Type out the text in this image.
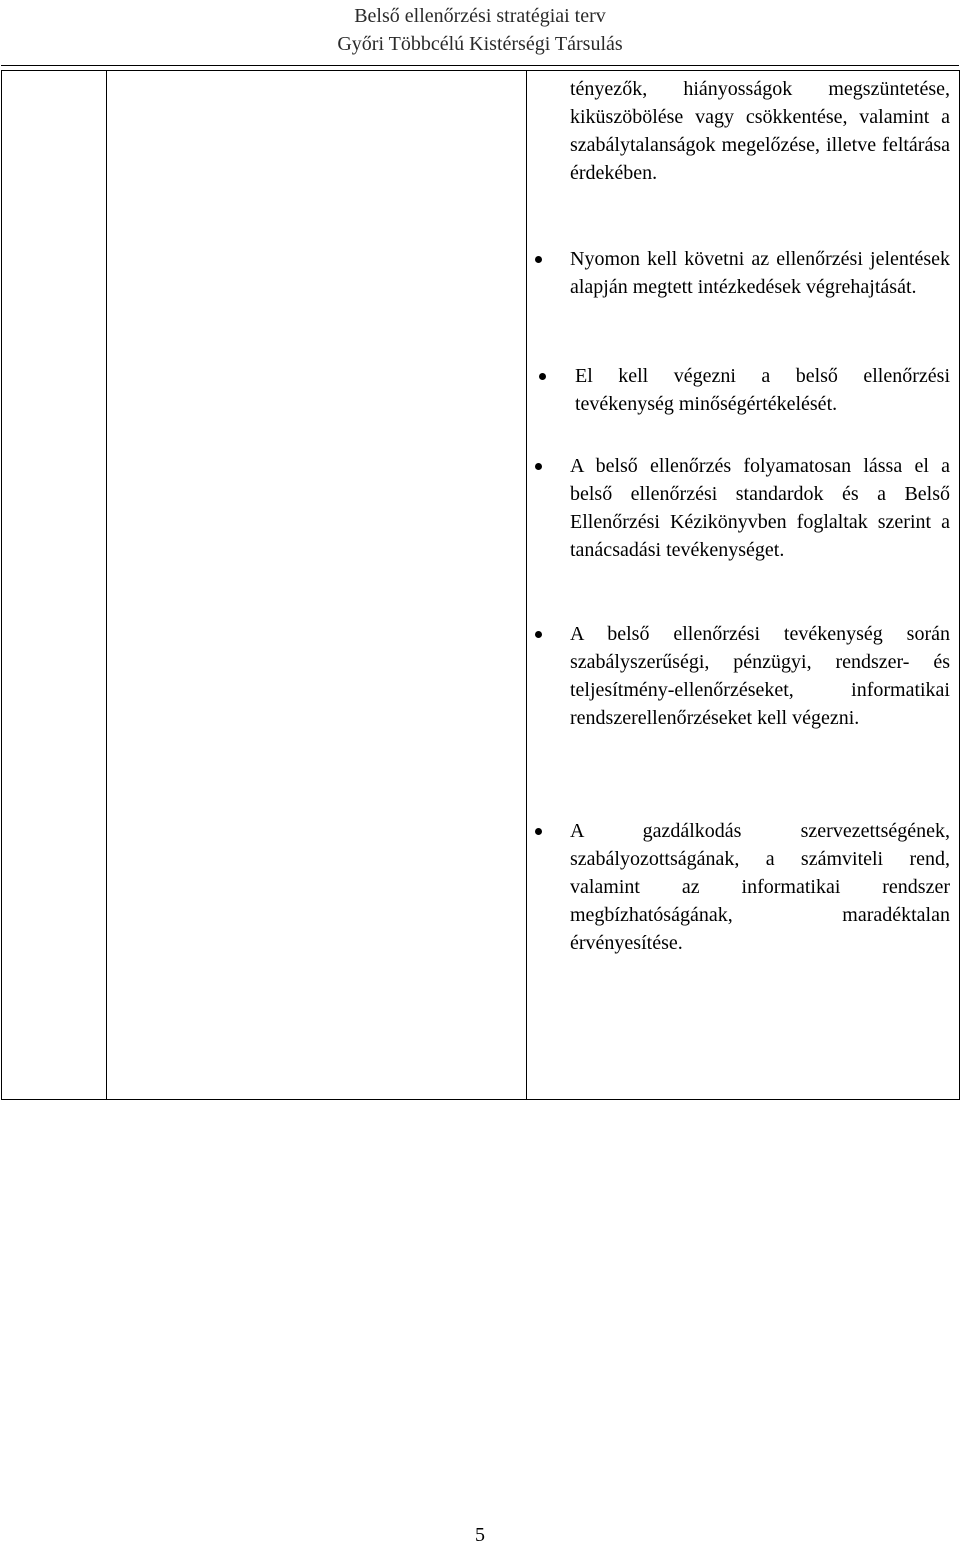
Belső ellenőrzési stratégiai terv
Győri Többcélú Kistérségi Társulás

tényezők, hiányosságok megszüntetése, kiküszöbölése vagy csökkentése, valamint a szabálytalanságok megelőzése, illetve feltárása érdekében.

Nyomon kell követni az ellenőrzési jelentések alapján megtett intézkedések végrehajtását.

El kell végezni a belső ellenőrzési tevékenység minőségértékelését.

A belső ellenőrzés folyamatosan lássa el a belső ellenőrzési standardok és a Belső Ellenőrzési Kézikönyvben foglaltak szerint a tanácsadási tevékenységet.

A belső ellenőrzési tevékenység során szabályszerűségi, pénzügyi, rendszer- és teljesítmény-ellenőrzéseket, informatikai rendszerellenőrzéseket kell végezni.

A gazdálkodás szervezettségének, szabályozottságának, a számviteli rend, valamint az informatikai rendszer megbízhatóságának, maradéktalan érvényesítése.

5
